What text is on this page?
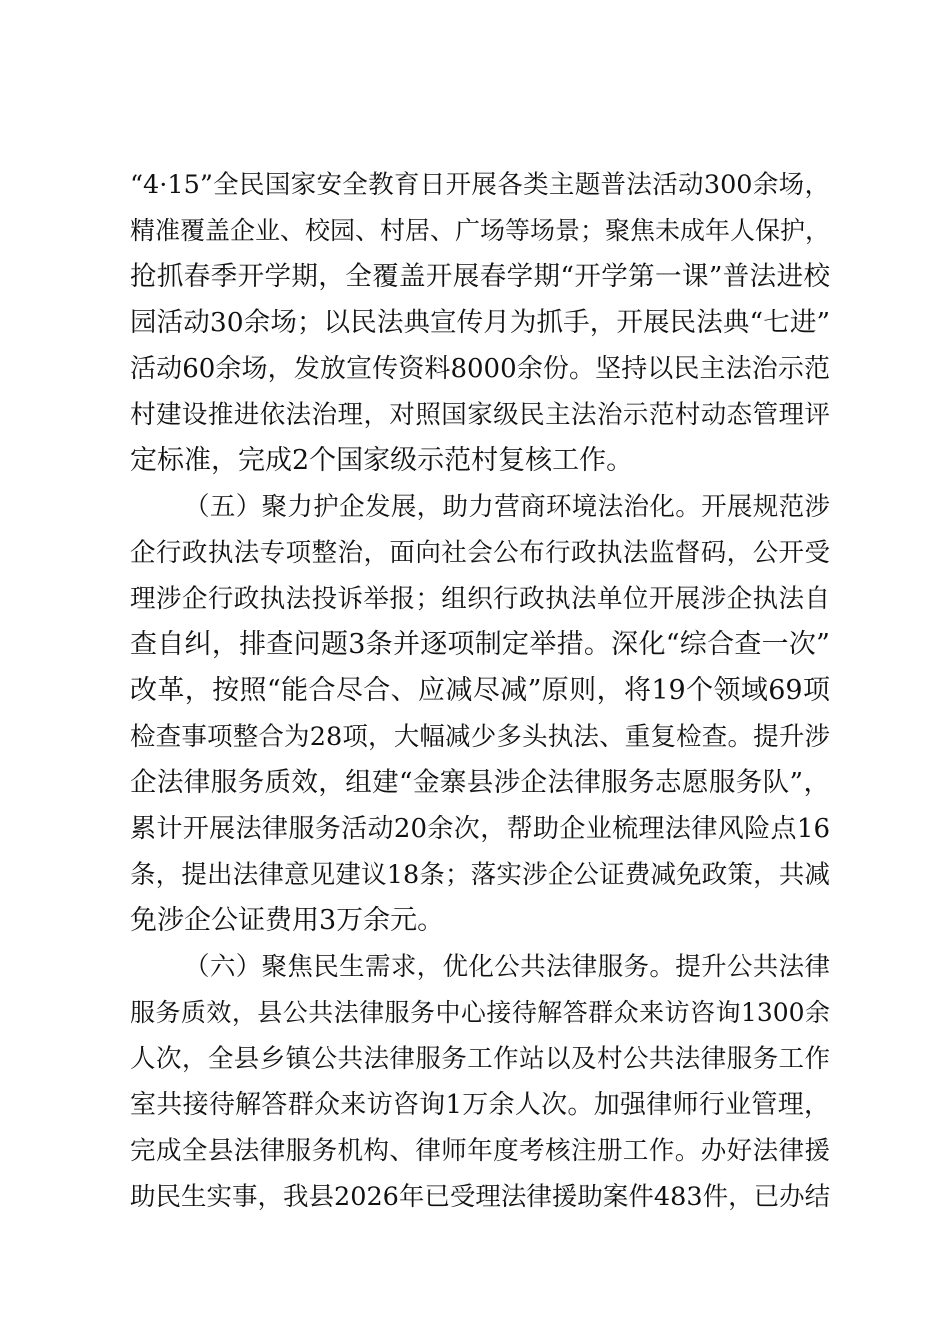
“4·15”全民国家安全教育日开展各类主题普法活动300余场，
精准覆盖企业、校园、村居、广场等场景；聚焦未成年人保护，
抢抓春季开学期，全覆盖开展春学期“开学第一课”普法进校
园活动30余场；以民法典宣传月为抓手，开展民法典“七进”
活动60余场，发放宣传资料8000余份。坚持以民主法治示范
村建设推进依法治理，对照国家级民主法治示范村动态管理评
定标准，完成2个国家级示范村复核工作。
（五）聚力护企发展，助力营商环境法治化。开展规范涉
企行政执法专项整治，面向社会公布行政执法监督码，公开受
理涉企行政执法投诉举报；组织行政执法单位开展涉企执法自
查自纠，排查问题3条并逐项制定举措。深化“综合查一次”
改革，按照“能合尽合、应减尽减”原则，将19个领域69项
检查事项整合为28项，大幅减少多头执法、重复检查。提升涉
企法律服务质效，组建“金寨县涉企法律服务志愿服务队”，
累计开展法律服务活动20余次，帮助企业梳理法律风险点16
条，提出法律意见建议18条；落实涉企公证费减免政策，共减
免涉企公证费用3万余元。
（六）聚焦民生需求，优化公共法律服务。提升公共法律
服务质效，县公共法律服务中心接待解答群众来访咨询1300余
人次，全县乡镇公共法律服务工作站以及村公共法律服务工作
室共接待解答群众来访咨询1万余人次。加强律师行业管理，
完成全县法律服务机构、律师年度考核注册工作。办好法律援
助民生实事，我县2026年已受理法律援助案件483件，已办结
